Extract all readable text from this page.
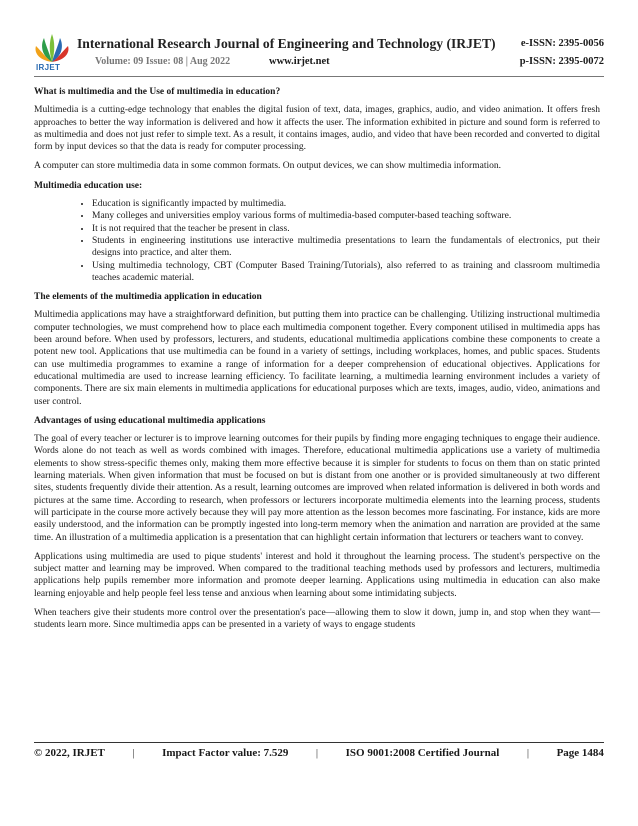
IRJET
International Research Journal of Engineering and Technology (IRJET) e-ISSN: 2395-0056
Volume: 09 Issue: 08 | Aug 2022	www.irjet.net	p-ISSN: 2395-0072
What is multimedia and the Use of multimedia in education?

Multimedia is a cutting-edge technology that enables the digital fusion of text, data, images, graphics, audio, and video animation. It offers fresh approaches to better the way information is delivered and how it affects the user. The information exhibited in picture and sound form is referred to as multimedia and does not just refer to simple text. As a result, it contains images, audio, and video that have been recorded and converted to digital form by input devices so that the data is ready for computer processing.

A computer can store multimedia data in some common formats. On output devices, we can show multimedia information.

Multimedia education use:
• Education is significantly impacted by multimedia.
• Many colleges and universities employ various forms of multimedia-based computer-based teaching software.
• It is not required that the teacher be present in class.
• Students in engineering institutions use interactive multimedia presentations to learn the fundamentals of electronics, put their designs into practice, and alter them.
• Using multimedia technology, CBT (Computer Based Training/Tutorials), also referred to as training and classroom multimedia teaches academic material.
The elements of the multimedia application in education

Multimedia applications may have a straightforward definition, but putting them into practice can be challenging. Utilizing instructional multimedia computer technologies, we must comprehend how to place each multimedia component together. Every component utilised in multimedia apps has been around before. When used by professors, lecturers, and students, educational multimedia applications combine these components to create a potent new tool. Applications that use multimedia can be found in a variety of settings, including workplaces, homes, and public spaces. Students can use multimedia programmes to examine a range of information for a deeper comprehension of educational objectives. Applications for educational multimedia are used to increase learning efficiency. To facilitate learning, a multimedia learning environment includes a variety of components. There are six main elements in multimedia applications for educational purposes which are texts, images, audio, video, animations and user control.

Advantages of using educational multimedia applications

The goal of every teacher or lecturer is to improve learning outcomes for their pupils by finding more engaging techniques to engage their audience. Words alone do not teach as well as words combined with images. Therefore, educational multimedia applications use a variety of multimedia elements to show stress-specific themes only, making them more effective because it is simpler for students to focus on them than on static printed learning materials. When given information that must be focused on but is distant from one another or is provided simultaneously at two different sites, students frequently divide their attention. As a result, learning outcomes are improved when related information is delivered in both words and pictures at the same time. According to research, when professors or lecturers incorporate multimedia elements into the learning process, students will participate in the course more actively because they will pay more attention as the lesson becomes more fascinating. For instance, kids are more easily understood, and the information can be promptly ingested into long-term memory when the animation and narration are provided at the same time. An illustration of a multimedia application is a presentation that can highlight certain information that lecturers or teachers want to convey.

Applications using multimedia are used to pique students' interest and hold it throughout the learning process. The student's perspective on the subject matter and learning may be improved. When compared to the traditional teaching methods used by professors and lecturers, multimedia applications help pupils remember more information and promote deeper learning. Applications using multimedia in education can also make learning enjoyable and help people feel less tense and anxious when learning about some intimidating subjects.

When teachers give their students more control over the presentation's pace—allowing them to slow it down, jump in, and stop when they want—students learn more. Since multimedia apps can be presented in a variety of ways to engage students

© 2022, IRJET	|	Impact Factor value: 7.529	|	ISO 9001:2008 Certified Journal	|	Page 1484
